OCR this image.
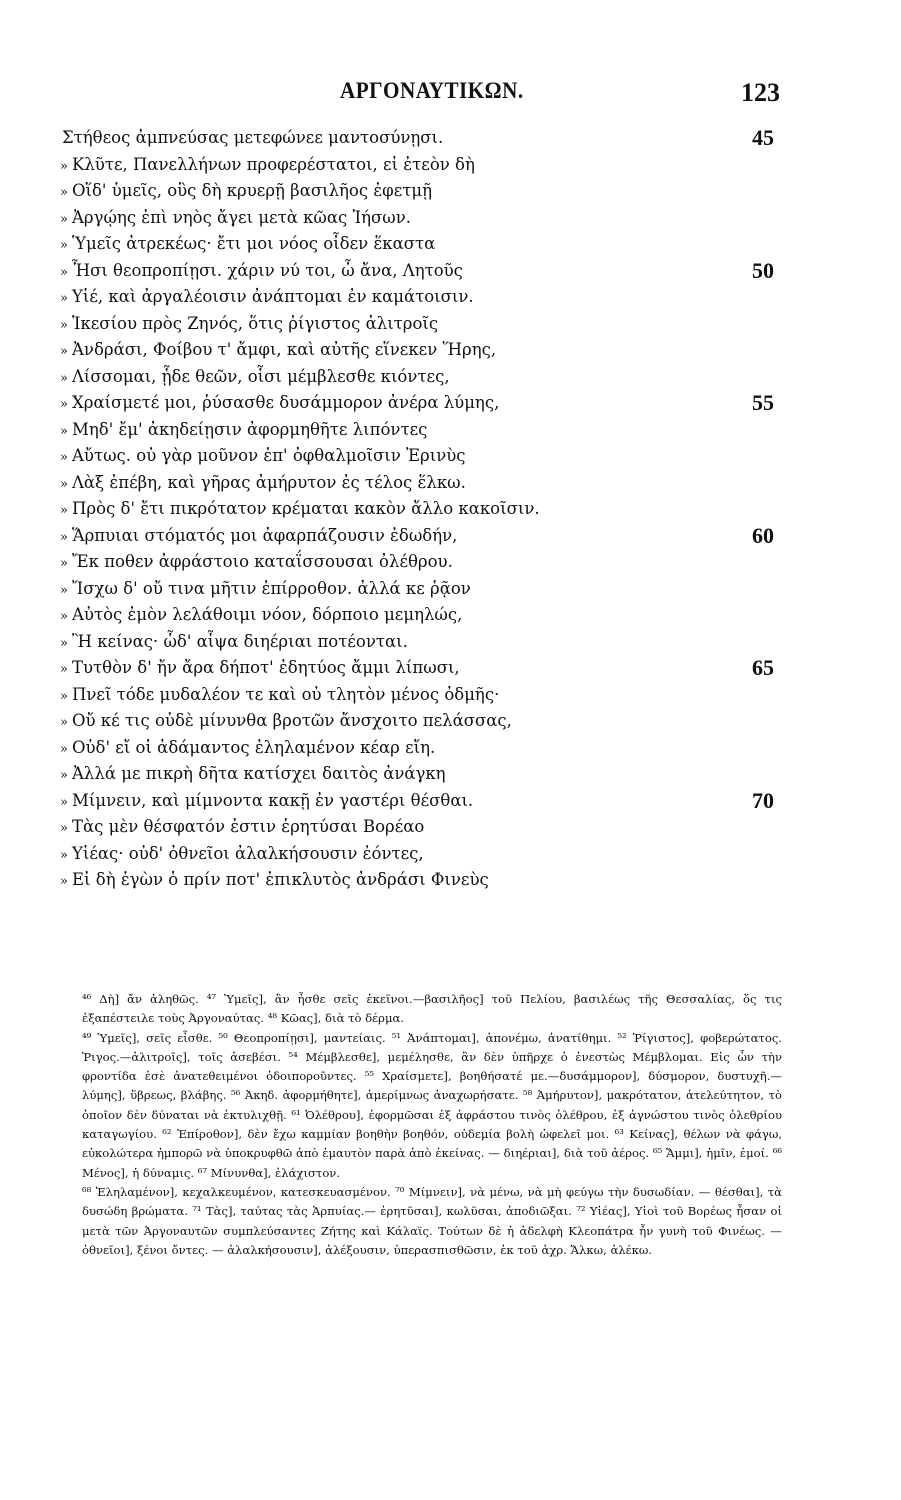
ΑΡΓΟΝΑΥΤΙΚΩΝ.	123
Στήθεος ἀμπνεύσας μετεφώνεε μαντοσύνῃσι.	45
» Κλῦτε, Πανελλήνων προφερέστατοι, εἰ ἐτεὸν δὴ
» Οἵδ' ὑμεῖς, οὓς δὴ κρυερῇ βασιλῆος ἐφετμῇ
» Ἀργῴης ἐπὶ νηὸς ἄγει μετὰ κῶας Ἰήσων.
» Ὑμεῖς ἀτρεκέως· ἔτι μοι νόος οἶδεν ἕκαστα
» Ἧσι θεοπροπίῃσι. χάριν νύ τοι, ὦ ἄνα, Λητοῦς	50
» Υἱέ, καὶ ἀργαλέοισιν ἀνάπτομαι ἐν καμάτοισιν.
» Ἱκεσίου πρὸς Ζηνός, ὅτις ῥίγιστος ἀλιτροῖς
» Ἀνδράσι, Φοίβου τ' ἄμφι, καὶ αὐτῆς εἵνεκεν Ἥρης,
» Λίσσομαι, ᾗδε θεῶν, οἷσι μέμβλεσθε κιόντες,
» Χραίσμετέ μοι, ῥύσασθε δυσάμμορον ἀνέρα λύμης,	55
» Μηδ' ἔμ' ἀκηδείῃσιν ἀφορμηθῆτε λιπόντες
» Αὔτως. οὐ γὰρ μοῦνον ἐπ' ὀφθαλμοῖσιν Ἐρινὺς
» Λὰξ ἐπέβη, καὶ γῆρας ἀμήρυτον ἐς τέλος ἕλκω.
» Πρὸς δ' ἔτι πικρότατον κρέμαται κακὸν ἄλλο κακοῖσιν.
» Ἅρπυιαι στόματός μοι ἀφαρπάζουσιν ἐδωδήν,	60
» Ἔκ ποθεν ἀφράστοιο καταΐσσουσαι ὀλέθρου.
» Ἴσχω δ' οὔ τινα μῆτιν ἐπίρροθον. ἀλλά κε ῥᾷον
» Αὐτὸς ἐμὸν λελάθοιμι νόον, δόρποιο μεμηλώς,
» Ἢ κείνας· ὧδ' αἶψα διηέριαι ποτέονται.
» Τυτθὸν δ' ἤν ἄρα δήποτ' ἐδητύος ἄμμι λίπωσι,	65
» Πνεῖ τόδε μυδαλέον τε καὶ οὐ τλητὸν μένος ὀδμῆς·
» Οὔ κέ τις οὐδὲ μίνυνθα βροτῶν ἄνσχοιτο πελάσσας,
» Οὐδ' εἴ οἱ ἀδάμαντος ἐληλαμένον κέαρ εἴη.
» Ἀλλά με πικρὴ δῆτα κατίσχει δαιτὸς ἀνάγκη
» Μίμνειν, καὶ μίμνοντα κακῇ ἐν γαστέρι θέσθαι.	70
» Τὰς μὲν θέσφατόν ἐστιν ἐρητύσαι Βορέαο
» Υἱέας· οὐδ' ὀθνεῖοι ἀλαλκήσουσιν ἐόντες,
» Εἰ δὴ ἐγὼν ὁ πρίν ποτ' ἐπικλυτὸς ἀνδράσι Φινεὺς
⁴⁶ Δὴ] ἄν ἀληθῶς. ⁴⁷ Ὑμεῖς], ἂν ἦσθε σεῖς ἐκεῖνοι.—βασιλῆος] τοῦ Πελίου, βασιλέως τῆς Θεσσαλίας, ὅς τις ἐξαπέστειλε τοὺς Ἀργοναύτας. ⁴⁸ Κῶας], διὰ τὸ δέρμα.
⁴⁹ Ὑμεῖς], σεῖς εἶσθε. ⁵⁰ Θεοπροπίῃσι], μαντείαις. ⁵¹ Ἀνάπτομαι], ἀπονέμω, ἀνατίθημι. ⁵² Ῥίγιστος], φοβερώτατος. Ῥιγος.—ἀλιτροῖς], τοῖς ἀσεβέσι. ⁵⁴ Μέμβλεσθε], μεμέλησθε, ἂν δὲν ὑπῆρχε ὁ ἐνεστὼς Μέμβλομαι. Εἰς ὧν τὴν φροντίδα ἐσὲ ἀνατεθειμένοι ὁδοιποροῦντες. ⁵⁵ Χραίσμετε], βοηθήσατέ με.—δυσάμμορον], δύσμορον, δυστυχῆ.—λύμης], ὕβρεως, βλάβης. ⁵⁶ Ἀκηδ. ἀφορμήθητε], ἀμερίμνως ἀναχωρήσατε. ⁵⁸ Ἀμήρυτον], μακρότατον, ἀτελεύτητον, τὸ ὁποῖον δὲν δύναται νὰ ἐκτυλιχθῇ. ⁶¹ Ὀλέθρου], ἐφορμῶσαι ἐξ ἀφράστου τινὸς ὀλέθρου, ἐξ ἀγνώστου τινὸς ὀλεθρίου καταγωγίου. ⁶² Ἐπίροθον], δὲν ἔχω καμμίαν βοηθὴν βοηθόν, οὐδεμία βολὴ ὠφελεῖ μοι. ⁶³ Κείνας], θέλων νὰ φάγω, εὐκολώτερα ἠμπορῶ νὰ ὑποκρυφθῶ ἀπὸ ἐμαυτὸν παρὰ ἀπὸ ἐκείνας. — διηέριαι], διὰ τοῦ ἀέρος. ⁶⁵ Ἄμμι], ἡμῖν, ἐμοί. ⁶⁶ Μένος], ἡ δύναμις. ⁶⁷ Μίνυνθα], ἐλάχιστον.
⁶⁸ Ἐληλαμένον], κεχαλκευμένον, κατεσκευασμένον. ⁷⁰ Μίμνειν], νὰ μένω, νὰ μὴ φεύγω τὴν δυσωδίαν. — θέσθαι], τὰ δυσώδη βρώματα. ⁷¹ Τὰς], ταύτας τὰς Ἁρπυίας.— ἐρητῦσαι], κωλῦσαι, ἀποδιῶξαι. ⁷² Υἱέας], Υἱοὶ τοῦ Βορέως ἦσαν οἱ μετὰ τῶν Ἀργοναυτῶν συμπλεύσαντες Ζήτης καὶ Κάλαϊς. Τούτων δὲ ἡ ἀδελφὴ Κλεοπάτρα ἦν γυνὴ τοῦ Φινέως. — ὀθνεῖοι], ξένοι ὄντες. — ἀλαλκήσουσιν], ἀλέξουσιν, ὑπερασπισθῶσιν, ἐκ τοῦ ἀχρ. Ἄλκω, ἀλέκω.
